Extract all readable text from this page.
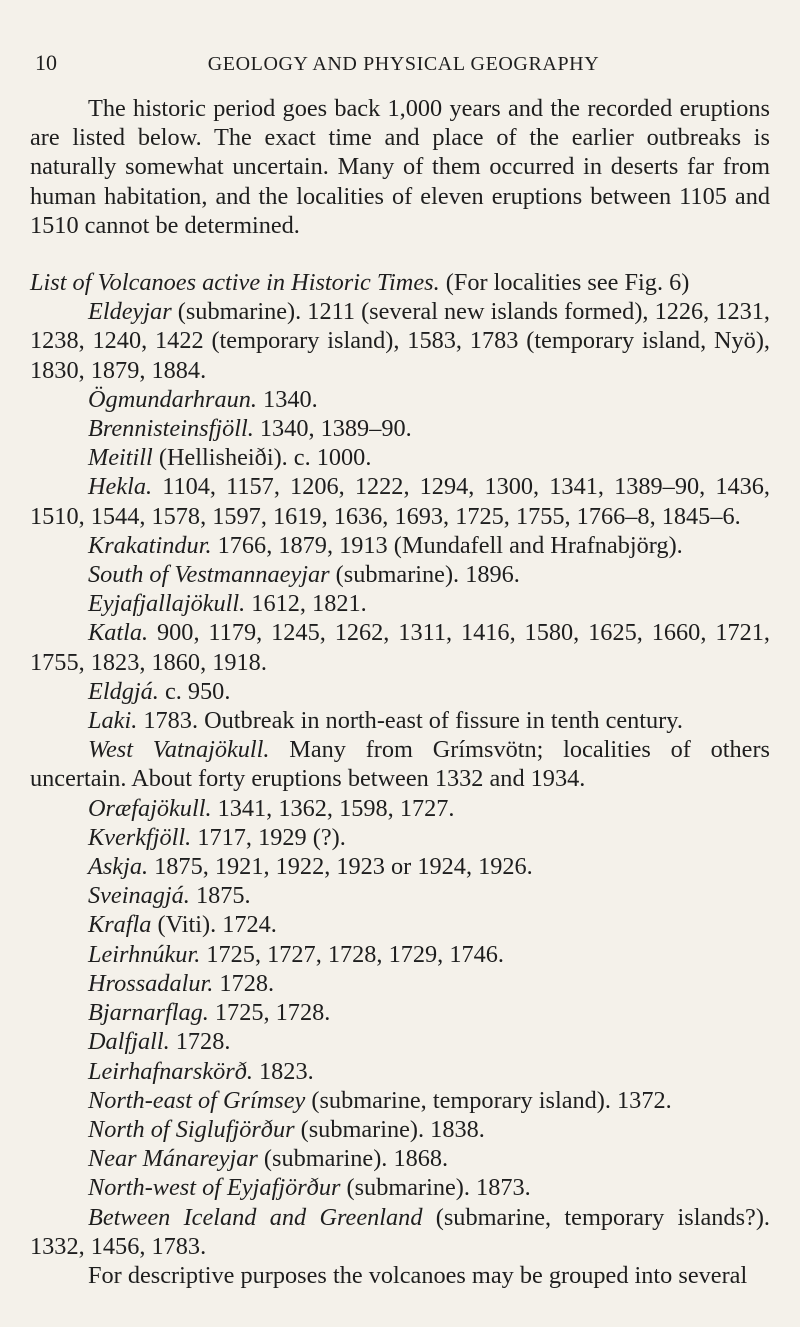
10	GEOLOGY AND PHYSICAL GEOGRAPHY

The historic period goes back 1,000 years and the recorded eruptions are listed below. The exact time and place of the earlier outbreaks is naturally somewhat uncertain. Many of them occurred in deserts far from human habitation, and the localities of eleven eruptions between 1105 and 1510 cannot be determined.

List of Volcanoes active in Historic Times. (For localities see Fig. 6)

Eldeyjar (submarine). 1211 (several new islands formed), 1226, 1231, 1238, 1240, 1422 (temporary island), 1583, 1783 (temporary island, Nyö), 1830, 1879, 1884.

Ögmundarhraun. 1340.

Brennisteinsfjöll. 1340, 1389–90.

Meitill (Hellisheiði). c. 1000.

Hekla. 1104, 1157, 1206, 1222, 1294, 1300, 1341, 1389–90, 1436, 1510, 1544, 1578, 1597, 1619, 1636, 1693, 1725, 1755, 1766–8, 1845–6.

Krakatindur. 1766, 1879, 1913 (Mundafell and Hrafnabjörg).

South of Vestmannaeyjar (submarine). 1896.

Eyjafjallajökull. 1612, 1821.

Katla. 900, 1179, 1245, 1262, 1311, 1416, 1580, 1625, 1660, 1721, 1755, 1823, 1860, 1918.

Eldgjá. c. 950.

Laki. 1783. Outbreak in north-east of fissure in tenth century.

West Vatnajökull. Many from Grímsvötn; localities of others uncertain. About forty eruptions between 1332 and 1934.

Oræfajökull. 1341, 1362, 1598, 1727.

Kverkfjöll. 1717, 1929 (?).

Askja. 1875, 1921, 1922, 1923 or 1924, 1926.

Sveinagjá. 1875.

Krafla (Viti). 1724.

Leirhnúkur. 1725, 1727, 1728, 1729, 1746.

Hrossadalur. 1728.

Bjarnarflag. 1725, 1728.

Dalfjall. 1728.

Leirhafnarskörð. 1823.

North-east of Grímsey (submarine, temporary island). 1372.

North of Siglufjörður (submarine). 1838.

Near Mánareyjar (submarine). 1868.

North-west of Eyjafjörður (submarine). 1873.

Between Iceland and Greenland (submarine, temporary islands?). 1332, 1456, 1783.

For descriptive purposes the volcanoes may be grouped into several
